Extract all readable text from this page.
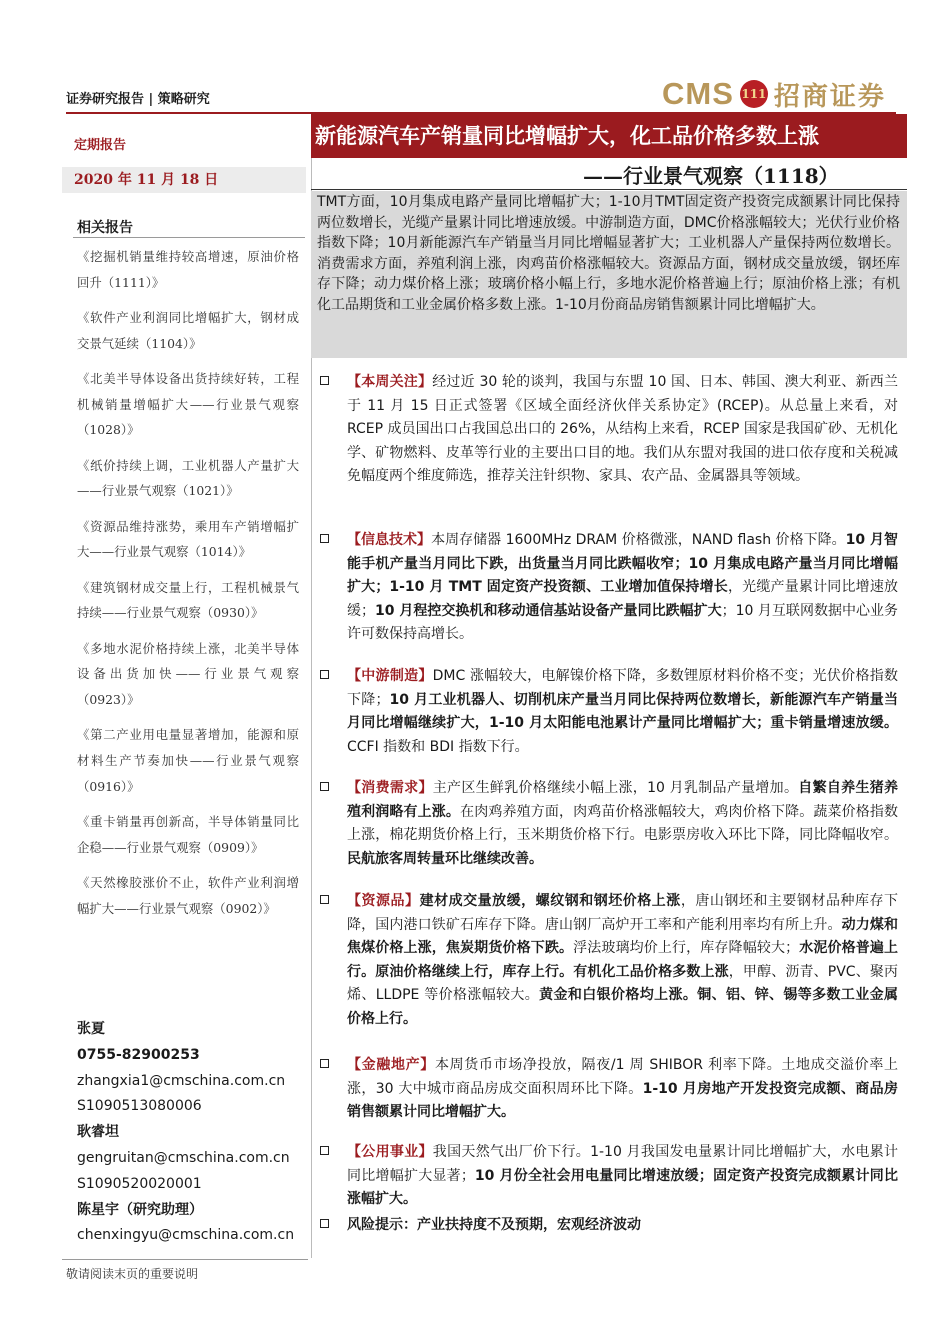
证券研究报告 | 策略研究	CMS 111 招商证券
定期报告
2020 年 11 月 18 日
相关报告
《挖掘机销量维持较高增速，原油价格回升（1111）》
《软件产业利润同比增幅扩大，钢材成交景气延续（1104）》
《北美半导体设备出货持续好转，工程机械销量增幅扩大——行业景气观察（1028）》
《纸价持续上调，工业机器人产量扩大——行业景气观察（1021）》
《资源品维持涨势，乘用车产销增幅扩大——行业景气观察（1014）》
《建筑钢材成交量上行，工程机械景气持续——行业景气观察（0930）》
《多地水泥价格持续上涨，北美半导体设备出货加快——行业景气观察（0923）》
《第二产业用电量显著增加，能源和原材料生产节奏加快——行业景气观察（0916）》
《重卡销量再创新高，半导体销量同比企稳——行业景气观察（0909）》
《天然橡胶涨价不止，软件产业利润增幅扩大——行业景气观察（0902）》
张夏
0755-82900253
zhangxia1@cmschina.com.cn
S1090513080006
耿睿坦
gengruitan@cmschina.com.cn
S1090520020001
陈星宇（研究助理）
chenxingyu@cmschina.com.cn
敬请阅读末页的重要说明
新能源汽车产销量同比增幅扩大，化工品价格多数上涨
——行业景气观察（1118）
TMT方面，10月集成电路产量同比增幅扩大；1-10月TMT固定资产投资完成额累计同比保持两位数增长，光缆产量累计同比增速放缓。中游制造方面，DMC价格涨幅较大；光伏行业价格指数下降；10月新能源汽车产销量当月同比增幅显著扩大；工业机器人产量保持两位数增长。消费需求方面，养殖利润上涨，肉鸡苗价格涨幅较大。资源品方面，钢材成交量放缓，钢坯库存下降；动力煤价格上涨；玻璃价格小幅上行，多地水泥价格普遍上行；原油价格上涨；有机化工品期货和工业金属价格多数上涨。1-10月份商品房销售额累计同比增幅扩大。
【本周关注】经过近 30 轮的谈判，我国与东盟 10 国、日本、韩国、澳大利亚、新西兰于 11 月 15 日正式签署《区域全面经济伙伴关系协定》(RCEP)。从总量上来看，对 RCEP 成员国出口占我国总出口的 26%，从结构上来看，RCEP 国家是我国矿砂、无机化学、矿物燃料、皮革等行业的主要出口目的地。我们从东盟对我国的进口依存度和关税减免幅度两个维度筛选，推荐关注针织物、家具、农产品、金属器具等领域。
【信息技术】本周存储器 1600MHz DRAM 价格微涨，NAND flash 价格下降。10 月智能手机产量当月同比下跌，出货量当月同比跌幅收窄；10 月集成电路产量当月同比增幅扩大；1-10 月 TMT 固定资产投资额、工业增加值保持增长，光缆产量累计同比增速放缓；10 月程控交换机和移动通信基站设备产量同比跌幅扩大；10 月互联网数据中心业务许可数保持高增长。
【中游制造】DMC 涨幅较大，电解镍价格下降，多数锂原材料价格不变；光伏价格指数下降；10 月工业机器人、切削机床产量当月同比保持两位数增长，新能源汽车产销量当月同比增幅继续扩大，1-10 月太阳能电池累计产量同比增幅扩大；重卡销量增速放缓。CCFI 指数和 BDI 指数下行。
【消费需求】主产区生鲜乳价格继续小幅上涨，10 月乳制品产量增加。自繁自养生猪养殖利润略有上涨。在肉鸡养殖方面，肉鸡苗价格涨幅较大，鸡肉价格下降。蔬菜价格指数上涨，棉花期货价格上行，玉米期货价格下行。电影票房收入环比下降，同比降幅收窄。民航旅客周转量环比继续改善。
【资源品】建材成交量放缓，螺纹钢和钢坯价格上涨，唐山钢坯和主要钢材品种库存下降，国内港口铁矿石库存下降。唐山钢厂高炉开工率和产能利用率均有所上升。动力煤和焦煤价格上涨，焦炭期货价格下跌。浮法玻璃均价上行，库存降幅较大；水泥价格普遍上行。原油价格继续上行，库存上行。有机化工品价格多数上涨，甲醇、沥青、PVC、聚丙烯、LLDPE 等价格涨幅较大。黄金和白银价格均上涨。铜、铝、锌、锡等多数工业金属价格上行。
【金融地产】本周货币市场净投放，隔夜/1 周 SHIBOR 利率下降。土地成交溢价率上涨，30 大中城市商品房成交面积周环比下降。1-10 月房地产开发投资完成额、商品房销售额累计同比增幅扩大。
【公用事业】我国天然气出厂价下行。1-10 月我国发电量累计同比增幅扩大，水电累计同比增幅扩大显著；10 月份全社会用电量同比增速放缓；固定资产投资完成额累计同比涨幅扩大。
风险提示：产业扶持度不及预期，宏观经济波动
